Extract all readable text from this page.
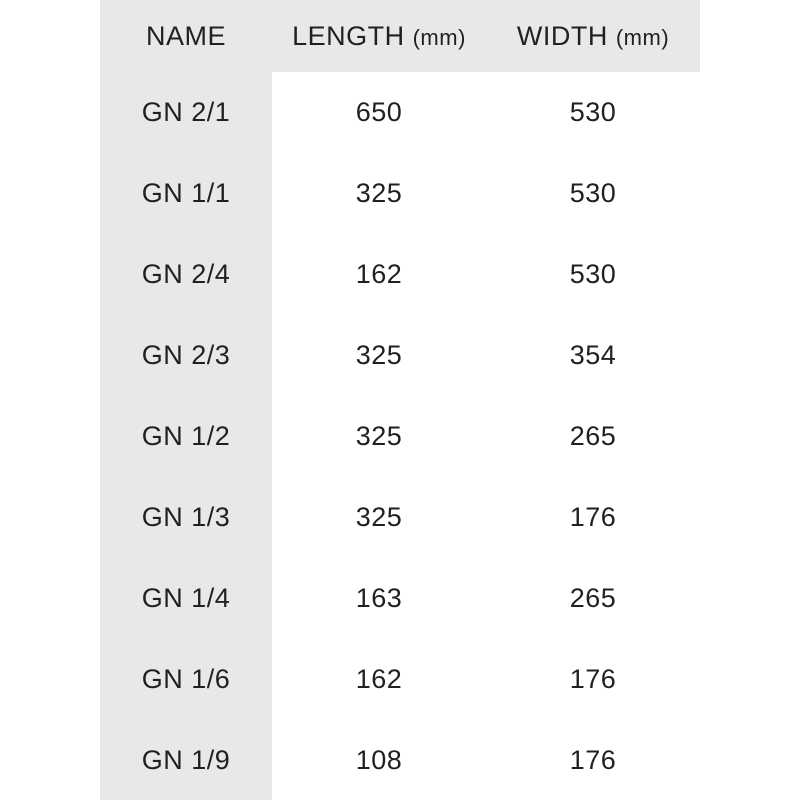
NAME	LENGTH (mm)	WIDTH (mm)
GN 2/1	650	530
GN 1/1	325	530
GN 2/4	162	530
GN 2/3	325	354
GN 1/2	325	265
GN 1/3	325	176
GN 1/4	163	265
GN 1/6	162	176
GN 1/9	108	176
